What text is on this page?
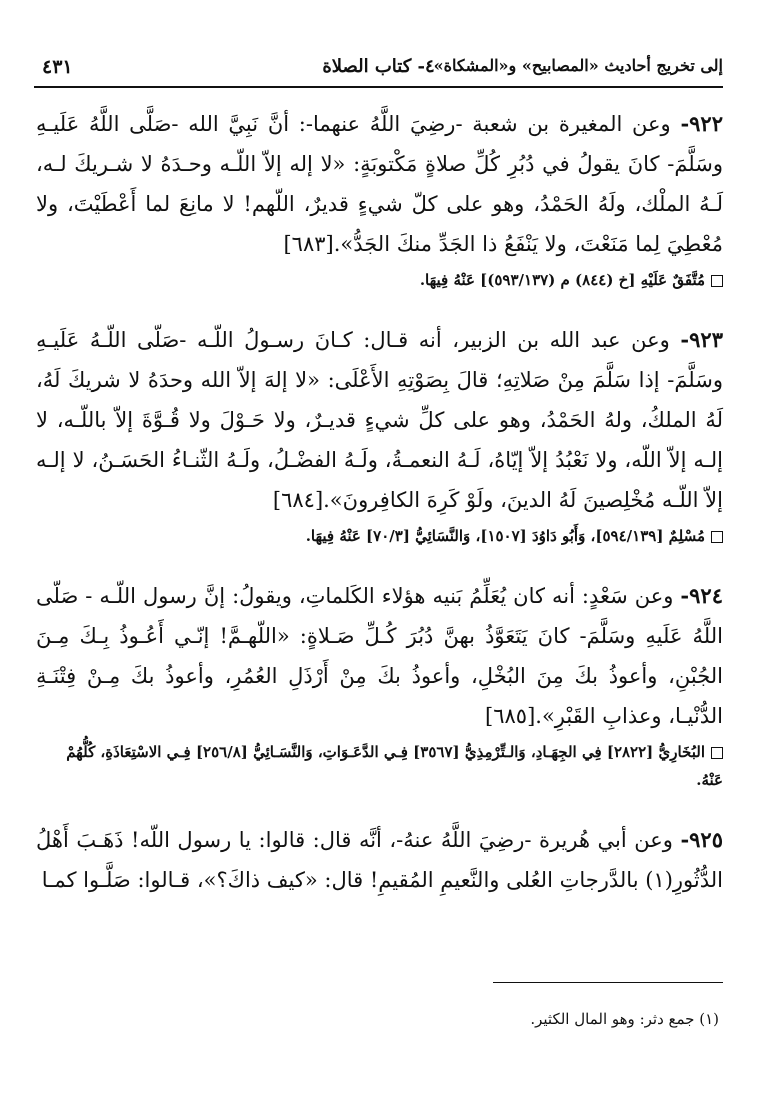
إلى تخريج أحاديث «المصابيح» و«المشكاة»
٤- كتاب الصلاة
٤٣١

٩٢٢- وعن المغيرة بن شعبة -رضِيَ اللَّهُ عنهما-: أنَّ نَبِيَّ الله -صَلَّى اللَّهُ عَلَيـهِ وسَلَّمَ- كانَ يقولُ في دُبُرِ كُلِّ صلاةٍ مَكْتوبَةٍ: «لا إله إلاّ اللّـه وحـدَهُ لا شـريكَ لـه، لَـهُ الملْك، ولَهُ الحَمْدُ، وهو على كلّ شيءٍ قديرٌ، اللّهم! لا مانِعَ لما أَعْطَيْتَ، ولا مُعْطِيَ لِما مَنَعْتَ، ولا يَنْفَعُ ذا الجَدِّ منكَ الجَدُّ».[٦٨٣]

مُتَّفَقٌ عَلَيْهِ [خ (٨٤٤) م (٥٩٣/١٣٧)] عَنْهُ فِيهَا.

٩٢٣- وعن عبد الله بن الزبير، أنه قـال: كـانَ رسـولُ اللّـه -صَلّى اللّـهُ عَلَيـهِ وسَلَّمَ- إذا سَلَّمَ مِنْ صَلاتِهِ؛ قالَ بِصَوْتِهِ الأَعْلَى: «لا إلهَ إلاّ الله وحدَهُ لا شريكَ لَهُ، لَهُ الملكُ، ولهُ الحَمْدُ، وهو على كلِّ شيءٍ قديـرٌ، ولا حَـوْلَ ولا قُـوَّةَ إلاّ باللّـه، لا إلـه إلاّ اللّه، ولا نَعْبُدُ إلاّ إيّاهُ، لَـهُ النعمـةُ، ولَـهُ الفضْـلُ، ولَـهُ الثّنـاءُ الحَسَـنُ، لا إلـه إلاّ اللّـه مُخْلِصينَ لَهُ الدينَ، ولَوْ كَرِهَ الكافِرونَ».[٦٨٤]

مُسْلِمٌ [٥٩٤/١٣٩]، وَأَبُو دَاوُدَ [١٥٠٧]، وَالنَّسَائِيُّ [٧٠/٣] عَنْهُ فِيهَا.

٩٢٤- وعن سَعْدٍ: أنه كان يُعَلِّمُ بَنيه هؤلاء الكَلماتِ، ويقولُ: إنَّ رسول اللّـه - صَلّى اللَّهُ عَلَيهِ وسَلَّمَ- كانَ يَتَعَوَّذُ بهنَّ دُبُرَ كُـلِّ صَـلاةٍ: «اللّهـمَّ! إنّـي أَعُـوذُ بِـكَ مِـنَ الجُبْنِ، وأعوذُ بكَ مِنَ البُخْلِ، وأعوذُ بكَ مِنْ أَرْذَلِ العُمُرِ، وأعوذُ بكَ مِـنْ فِتْنَـةِ الدُّنْيـا، وعذابِ القَبْرِ».[٦٨٥]

البُخَارِيُّ [٢٨٢٢] فِي الجِهَـادِ، وَالـتِّرْمِذِيُّ [٣٥٦٧] فِـي الدَّعَـوَاتِ، وَالنَّسَـائِيُّ [٢٥٦/٨] فِـي الاسْتِعَاذَةِ، كُلُّهُمْ عَنْهُ.

٩٢٥- وعن أبي هُريرة -رضِيَ اللَّهُ عنهُ-، أنَّه قال: قالوا: يا رسول اللّه! ذَهَـبَ أَهْلُ الدُّثُورِ(١) بالدَّرجاتِ العُلى والنَّعيمِ المُقيمِ! قال: «كيف ذاكَ؟»، قـالوا: صَلَّـوا كمـا

(١) جمع دثر: وهو المال الكثير.
